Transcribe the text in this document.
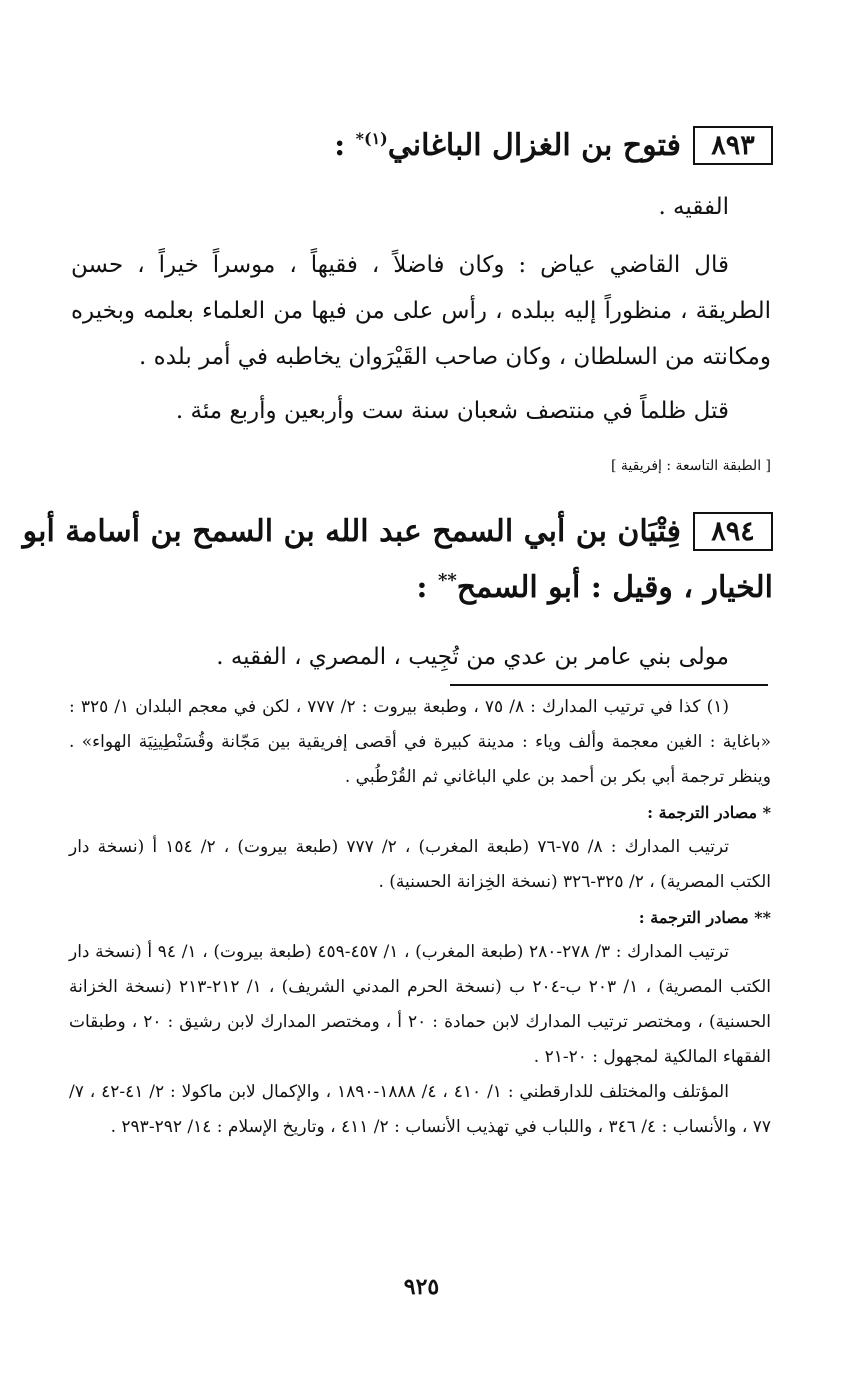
٨٩٣
فتوح بن الغزال الباغاني$^{(١)*}$ :

الفقيه .

قال القاضي عياض : وكان فاضلاً ، فقيهاً ، موسراً خيراً ، حسن الطريقة ، منظوراً إليه ببلده ، رأس على من فيها من العلماء بعلمه وبخيره ومكانته من السلطان ، وكان صاحب القَيْرَوان يخاطبه في أمر بلده .

قتل ظلماً في منتصف شعبان سنة ست وأربعين وأربع مئة .

[ الطبقة التاسعة : إفريقية ]
٨٩٤
فِتْيَان بن أبي السمح عبد الله بن السمح بن أسامة أبو
الخيار ، وقيل : أبو السمح** :

مولى بني عامر بن عدي من تُجِيب ، المصري ، الفقيه .

(١) كذا في ترتيب المدارك : ٨/ ٧٥ ، وطبعة بيروت : ٢/ ٧٧٧ ، لكن في معجم البلدان ١/ ٣٢٥ : «باغاية : الغين معجمة وألف وياء : مدينة كبيرة في أقصى إفريقية بين مَجّانة وقُسَنْطِينِيَة الهواء» . وينظر ترجمة أبي بكر بن أحمد بن علي الباغاني ثم القُرْطُبي .

* مصادر الترجمة :

ترتيب المدارك : ٨/ ٧٥-٧٦ (طبعة المغرب) ، ٢/ ٧٧٧ (طبعة بيروت) ، ٢/ ١٥٤ أ (نسخة دار الكتب المصرية) ، ٢/ ٣٢٥-٣٢٦ (نسخة الخِزانة الحسنية) .

** مصادر الترجمة :

ترتيب المدارك : ٣/ ٢٧٨-٢٨٠ (طبعة المغرب) ، ١/ ٤٥٧-٤٥٩ (طبعة بيروت) ، ١/ ٩٤ أ (نسخة دار الكتب المصرية) ، ١/ ٢٠٣ ب-٢٠٤ ب (نسخة الحرم المدني الشريف) ، ١/ ٢١٢-٢١٣ (نسخة الخزانة الحسنية) ، ومختصر ترتيب المدارك لابن حمادة : ٢٠ أ ، ومختصر المدارك لابن رشيق : ٢٠ ، وطبقات الفقهاء المالكية لمجهول : ٢٠-٢١ .

المؤتلف والمختلف للدارقطني : ١/ ٤١٠ ، ٤/ ١٨٨٨-١٨٩٠ ، والإكمال لابن ماكولا : ٢/ ٤١-٤٢ ، ٧/ ٧٧ ، والأنساب : ٤/ ٣٤٦ ، واللباب في تهذيب الأنساب : ٢/ ٤١١ ، وتاريخ الإسلام : ١٤/ ٢٩٢-٢٩٣ .

٩٢٥
